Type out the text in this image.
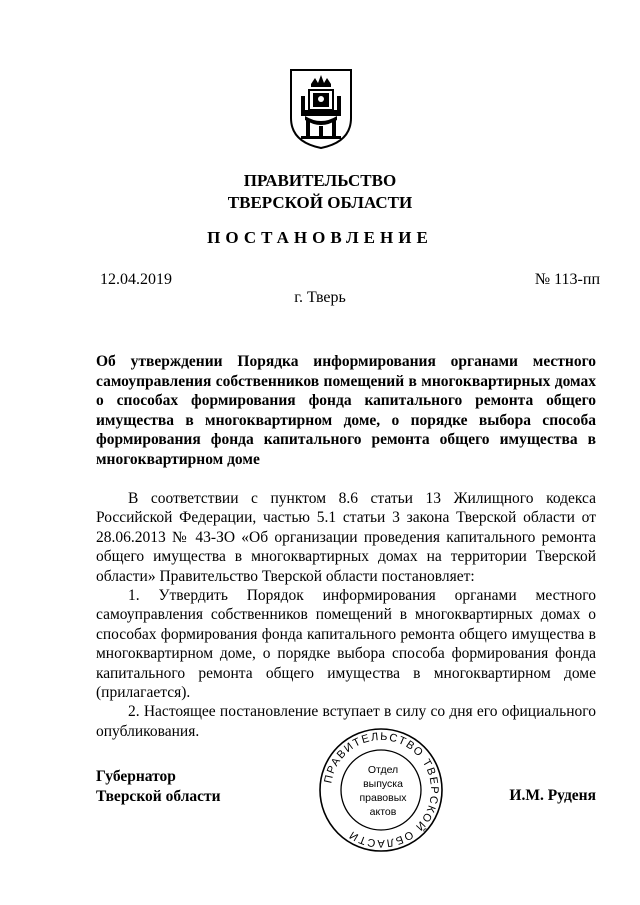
ПРАВИТЕЛЬСТВО
ТВЕРСКОЙ ОБЛАСТИ
ПОСТАНОВЛЕНИЕ
12.04.2019	№ 113-пп
г. Тверь
Об утверждении Порядка информирования органами местного самоуправления собственников помещений в многоквартирных домах о способах формирования фонда капитального ремонта общего имущества в многоквартирном доме, о порядке выбора способа формирования фонда капитального ремонта общего имущества в многоквартирном доме

В соответствии с пунктом 8.6 статьи 13 Жилищного кодекса Российской Федерации, частью 5.1 статьи 3 закона Тверской области от 28.06.2013 № 43-ЗО «Об организации проведения капитального ремонта общего имущества в многоквартирных домах на территории Тверской области» Правительство Тверской области постановляет:

1. Утвердить Порядок информирования органами местного самоуправления собственников помещений в многоквартирных домах о способах формирования фонда капитального ремонта общего имущества в многоквартирном доме, о порядке выбора способа формирования фонда капитального ремонта общего имущества в многоквартирном доме (прилагается).

2. Настоящее постановление вступает в силу со дня его официального опубликования.

Губернатор
Тверской области	И.М. Руденя
ПРАВИТЕЛЬСТВО ТВЕРСКОЙ ОБЛАСТИ
Отдел
выпуска
правовых
актов
